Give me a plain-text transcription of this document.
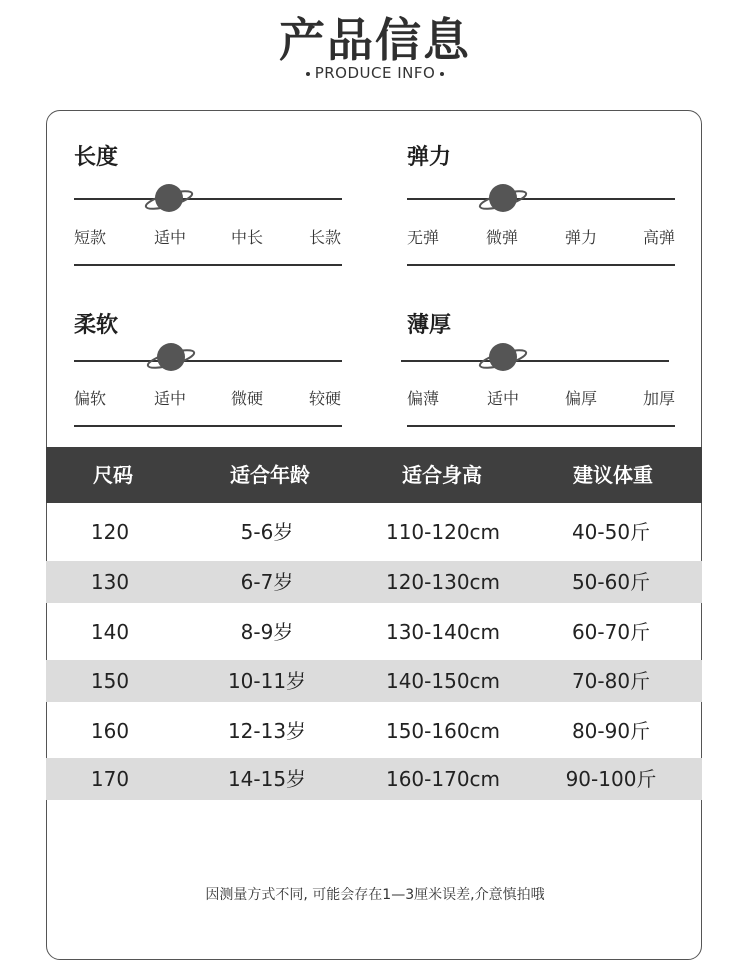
产品信息
PRODUCE INFO
长度
短款	适中	中长	长款
弹力
无弹	微弹	弹力	高弹
柔软
偏软	适中	微硬	较硬
薄厚
偏薄	适中	偏厚	加厚
尺码	适合年龄	适合身高	建议体重
120	5-6岁	110-120cm	40-50斤
130	6-7岁	120-130cm	50-60斤
140	8-9岁	130-140cm	60-70斤
150	10-11岁	140-150cm	70-80斤
160	12-13岁	150-160cm	80-90斤
170	14-15岁	160-170cm	90-100斤
因测量方式不同, 可能会存在1—3厘米误差,介意慎拍哦
